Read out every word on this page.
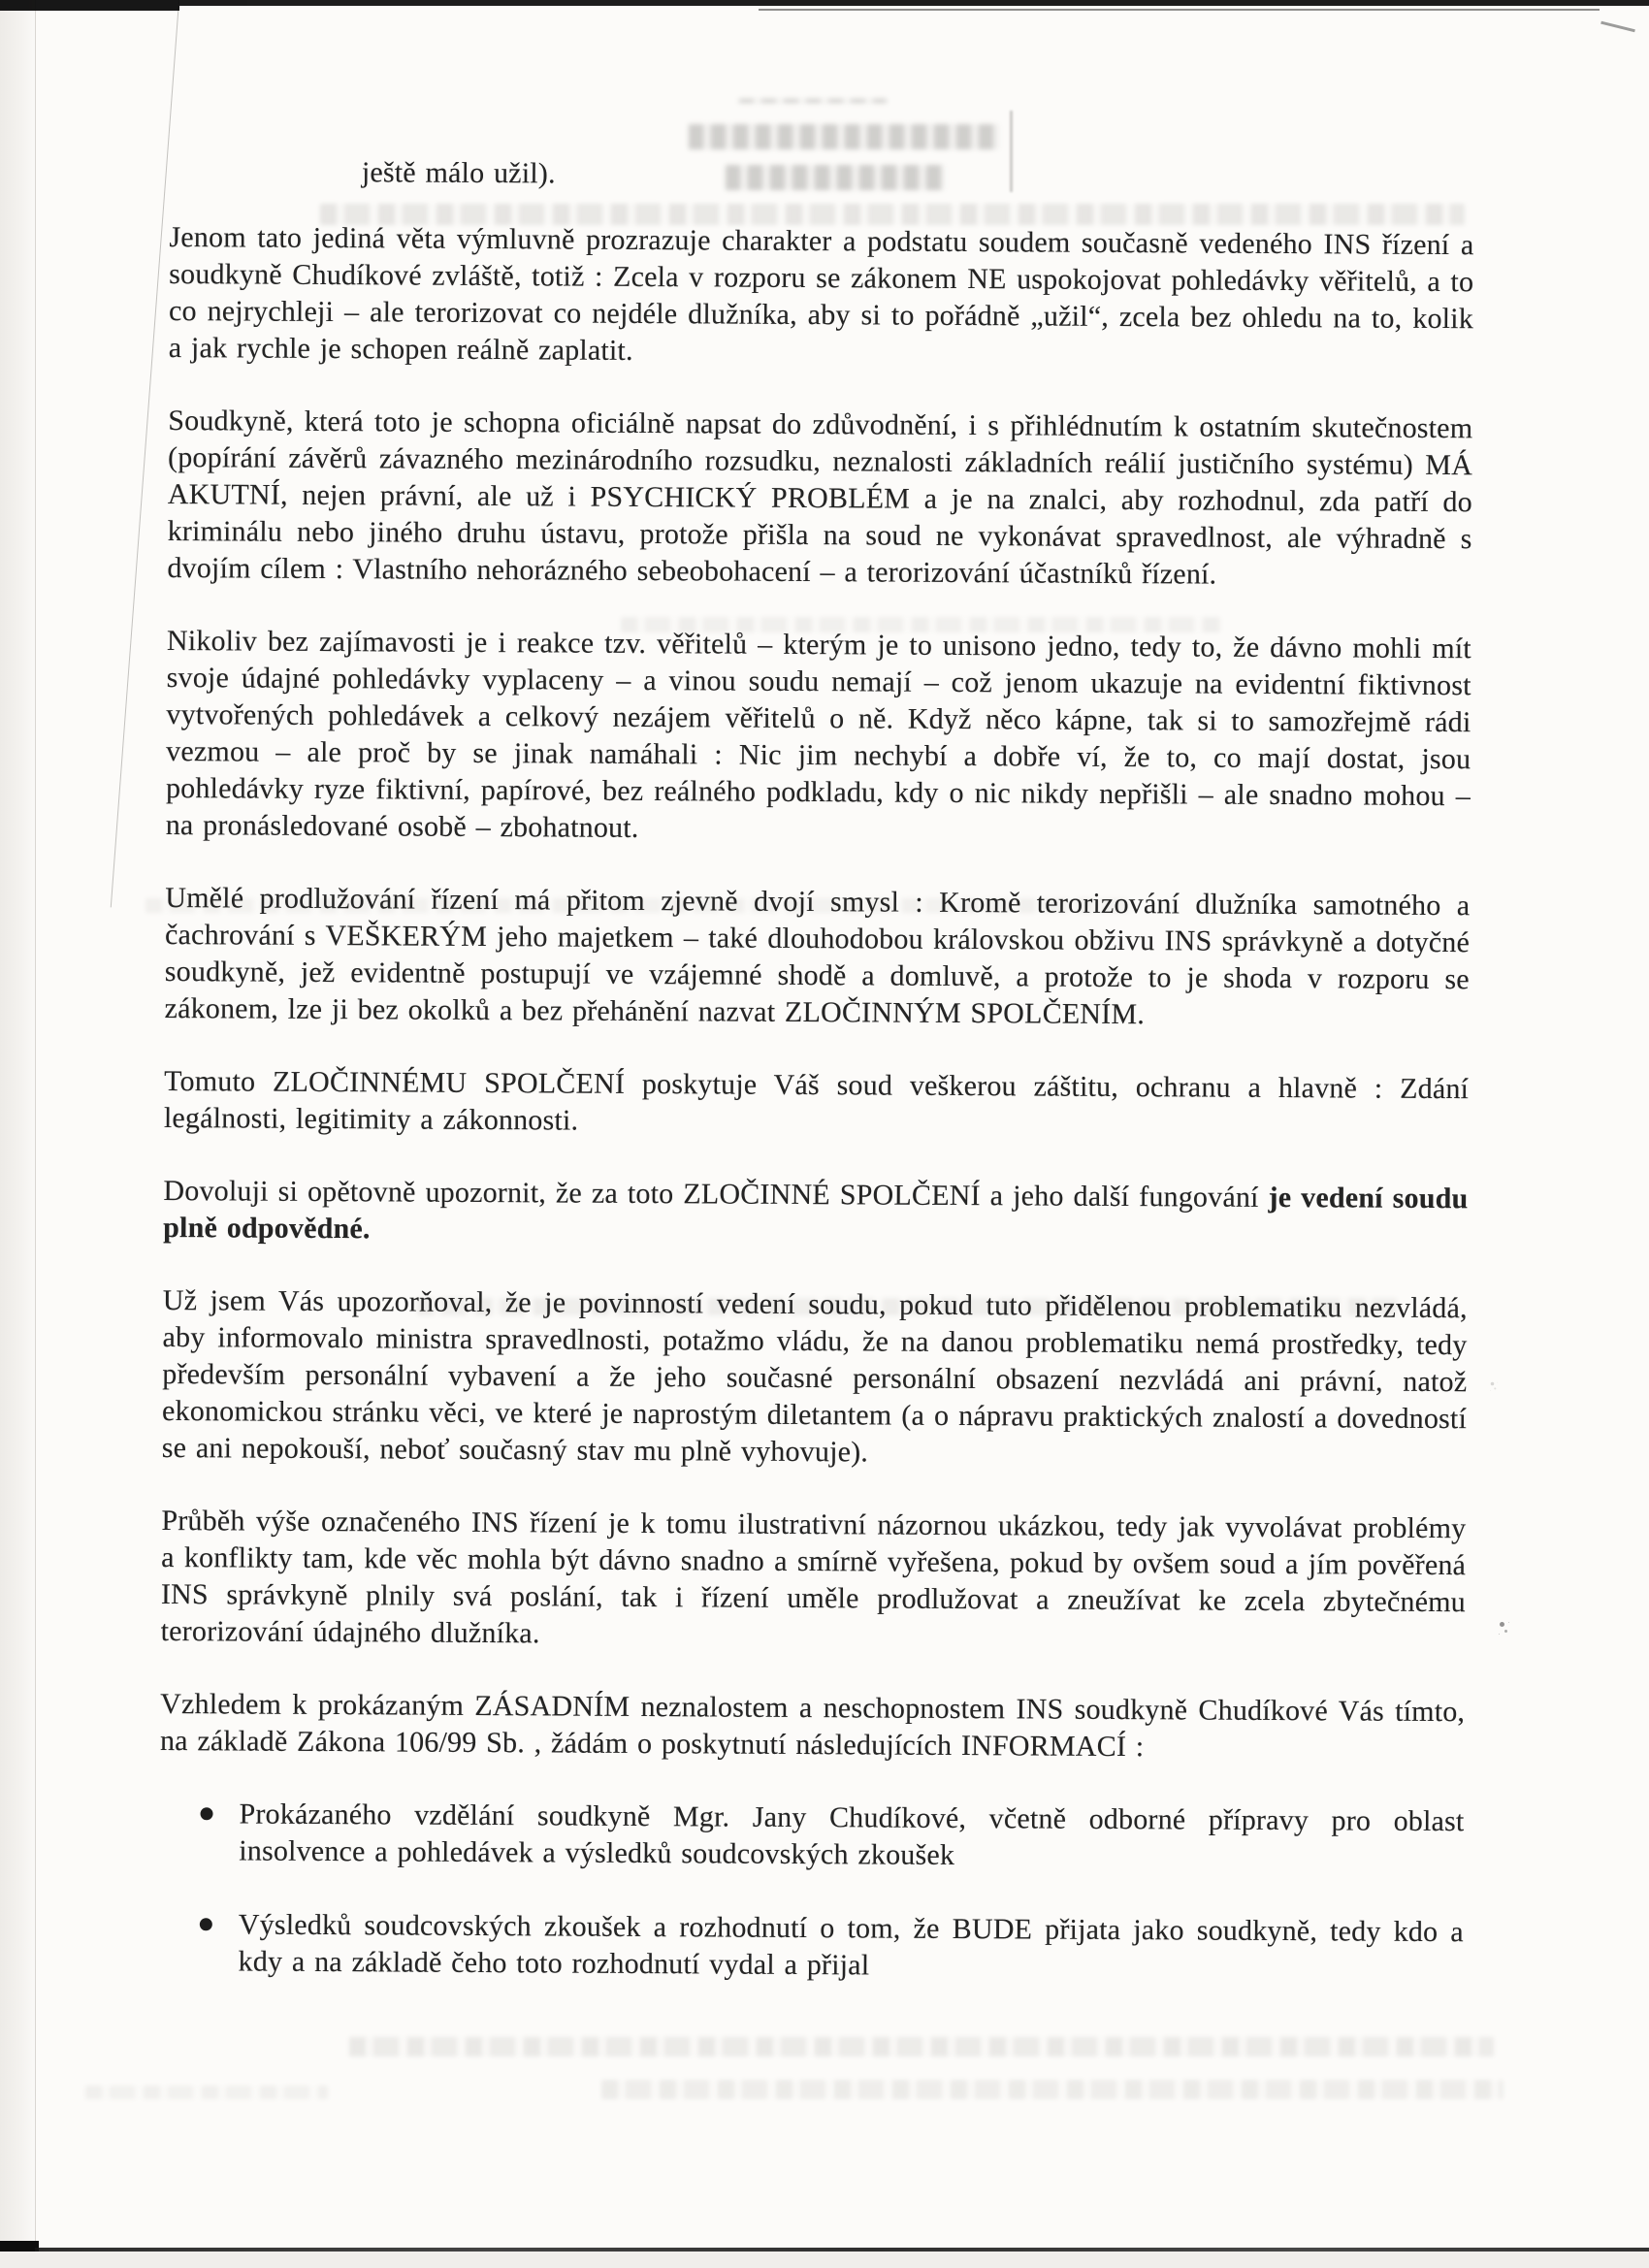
ještě málo užil).

Jenom tato jediná věta výmluvně prozrazuje charakter a podstatu soudem současně vedeného INS řízení a soudkyně Chudíkové zvláště, totiž : Zcela v rozporu se zákonem NE uspokojovat pohledávky věřitelů, a to co nejrychleji – ale terorizovat co nejdéle dlužníka, aby si to pořádně „užil“, zcela bez ohledu na to, kolik a jak rychle je schopen reálně zaplatit.

Soudkyně, která toto je schopna oficiálně napsat do zdůvodnění, i s přihlédnutím k ostatním skutečnostem (popírání závěrů závazného mezinárodního rozsudku, neznalosti základních reálií justičního systému) MÁ AKUTNÍ, nejen právní, ale už i PSYCHICKÝ PROBLÉM a je na znalci, aby rozhodnul, zda patří do kriminálu nebo jiného druhu ústavu, protože přišla na soud ne vykonávat spravedlnost, ale výhradně s dvojím cílem : Vlastního nehorázného sebeobohacení – a terorizování účastníků řízení.

Nikoliv bez zajímavosti je i reakce tzv. věřitelů – kterým je to unisono jedno, tedy to, že dávno mohli mít svoje údajné pohledávky vyplaceny – a vinou soudu nemají – což jenom ukazuje na evidentní fiktivnost vytvořených pohledávek a celkový nezájem věřitelů o ně. Když něco kápne, tak si to samozřejmě rádi vezmou – ale proč by se jinak namáhali : Nic jim nechybí a dobře ví, že to, co mají dostat, jsou pohledávky ryze fiktivní, papírové, bez reálného podkladu, kdy o nic nikdy nepřišli – ale snadno mohou – na pronásledované osobě – zbohatnout.

Umělé prodlužování řízení má přitom zjevně dvojí smysl : Kromě terorizování dlužníka samotného a čachrování s VEŠKERÝM jeho majetkem – také dlouhodobou královskou obživu INS správkyně a dotyčné soudkyně, jež evidentně postupují ve vzájemné shodě a domluvě, a protože to je shoda v rozporu se zákonem, lze ji bez okolků a bez přehánění nazvat ZLOČINNÝM SPOLČENÍM.

Tomuto ZLOČINNÉMU SPOLČENÍ poskytuje Váš soud veškerou záštitu, ochranu a hlavně : Zdání legálnosti, legitimity a zákonnosti.

Dovoluji si opětovně upozornit, že za toto ZLOČINNÉ SPOLČENÍ a jeho další fungování je vedení soudu plně odpovědné.

Už jsem Vás upozorňoval, že je povinností vedení soudu, pokud tuto přidělenou problematiku nezvládá, aby informovalo ministra spravedlnosti, potažmo vládu, že na danou problematiku nemá prostředky, tedy především personální vybavení a že jeho současné personální obsazení nezvládá ani právní, natož ekonomickou stránku věci, ve které je naprostým diletantem (a o nápravu praktických znalostí a dovedností se ani nepokouší, neboť současný stav mu plně vyhovuje).

Průběh výše označeného INS řízení je k tomu ilustrativní názornou ukázkou, tedy jak vyvolávat problémy a konflikty tam, kde věc mohla být dávno snadno a smírně vyřešena, pokud by ovšem soud a jím pověřená INS správkyně plnily svá poslání, tak i řízení uměle prodlužovat a zneužívat ke zcela zbytečnému terorizování údajného dlužníka.

Vzhledem k prokázaným ZÁSADNÍM neznalostem a neschopnostem INS soudkyně Chudíkové Vás tímto, na základě Zákona 106/99 Sb. , žádám o poskytnutí následujících INFORMACÍ :

Prokázaného vzdělání soudkyně Mgr. Jany Chudíkové, včetně odborné přípravy pro oblast insolvence a pohledávek a výsledků soudcovských zkoušek
Výsledků soudcovských zkoušek a rozhodnutí o tom, že BUDE přijata jako soudkyně, tedy kdo a kdy a na základě čeho toto rozhodnutí vydal a přijal
